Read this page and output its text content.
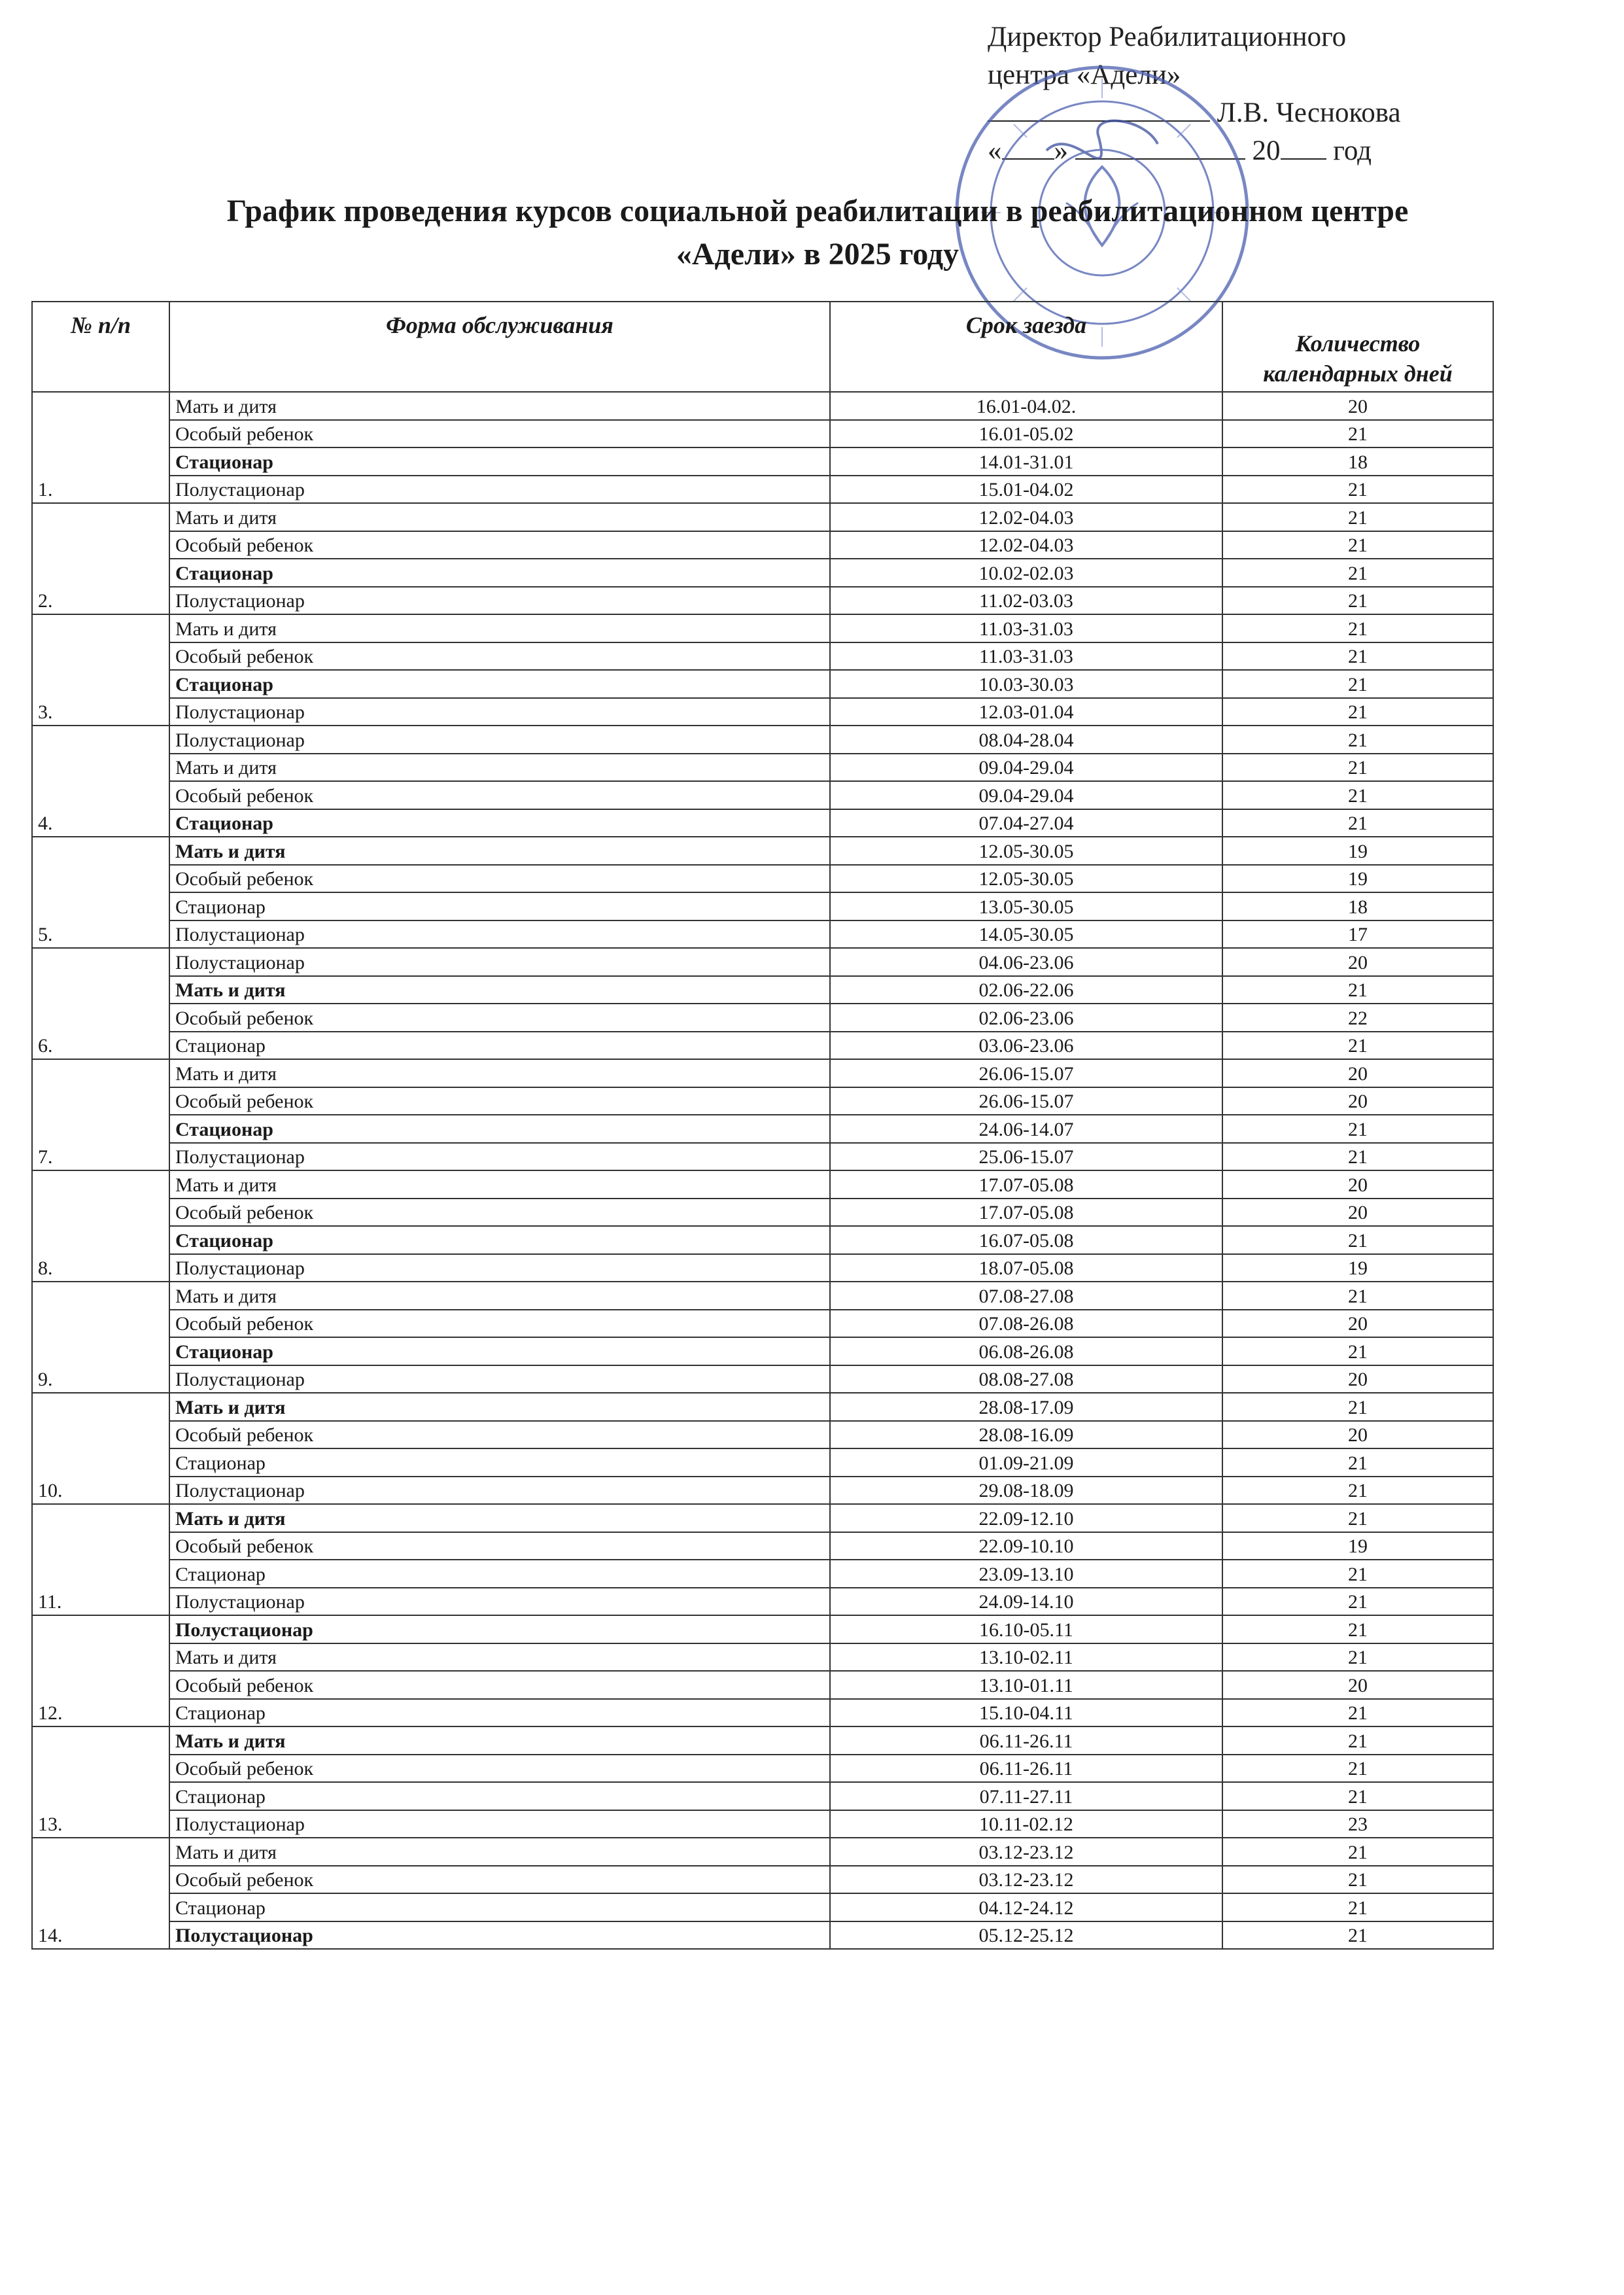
Директор Реабилитационного
центра «Адели»
Л.В. Чеснокова
« »	20 год
График проведения курсов социальной реабилитации в реабилитационном центре
«Адели» в 2025 году
№ п/п	Форма обслуживания	Срок заезда	Количество календарных дней
1.	Мать и дитя	16.01-04.02.	20
	Особый ребенок	16.01-05.02	21
	Стационар	14.01-31.01	18
	Полустационар	15.01-04.02	21
2.	Мать и дитя	12.02-04.03	21
	Особый ребенок	12.02-04.03	21
	Стационар	10.02-02.03	21
	Полустационар	11.02-03.03	21
3.	Мать и дитя	11.03-31.03	21
	Особый ребенок	11.03-31.03	21
	Стационар	10.03-30.03	21
	Полустационар	12.03-01.04	21
4.	Полустационар	08.04-28.04	21
	Мать и дитя	09.04-29.04	21
	Особый ребенок	09.04-29.04	21
	Стационар	07.04-27.04	21
5.	Мать и дитя	12.05-30.05	19
	Особый ребенок	12.05-30.05	19
	Стационар	13.05-30.05	18
	Полустационар	14.05-30.05	17
6.	Полустационар	04.06-23.06	20
	Мать и дитя	02.06-22.06	21
	Особый ребенок	02.06-23.06	22
	Стационар	03.06-23.06	21
7.	Мать и дитя	26.06-15.07	20
	Особый ребенок	26.06-15.07	20
	Стационар	24.06-14.07	21
	Полустационар	25.06-15.07	21
8.	Мать и дитя	17.07-05.08	20
	Особый ребенок	17.07-05.08	20
	Стационар	16.07-05.08	21
	Полустационар	18.07-05.08	19
9.	Мать и дитя	07.08-27.08	21
	Особый ребенок	07.08-26.08	20
	Стационар	06.08-26.08	21
	Полустационар	08.08-27.08	20
10.	Мать и дитя	28.08-17.09	21
	Особый ребенок	28.08-16.09	20
	Стационар	01.09-21.09	21
	Полустационар	29.08-18.09	21
11.	Мать и дитя	22.09-12.10	21
	Особый ребенок	22.09-10.10	19
	Стационар	23.09-13.10	21
	Полустационар	24.09-14.10	21
12.	Полустационар	16.10-05.11	21
	Мать и дитя	13.10-02.11	21
	Особый ребенок	13.10-01.11	20
	Стационар	15.10-04.11	21
13.	Мать и дитя	06.11-26.11	21
	Особый ребенок	06.11-26.11	21
	Стационар	07.11-27.11	21
	Полустационар	10.11-02.12	23
14.	Мать и дитя	03.12-23.12	21
	Особый ребенок	03.12-23.12	21
	Стационар	04.12-24.12	21
	Полустационар	05.12-25.12	21
